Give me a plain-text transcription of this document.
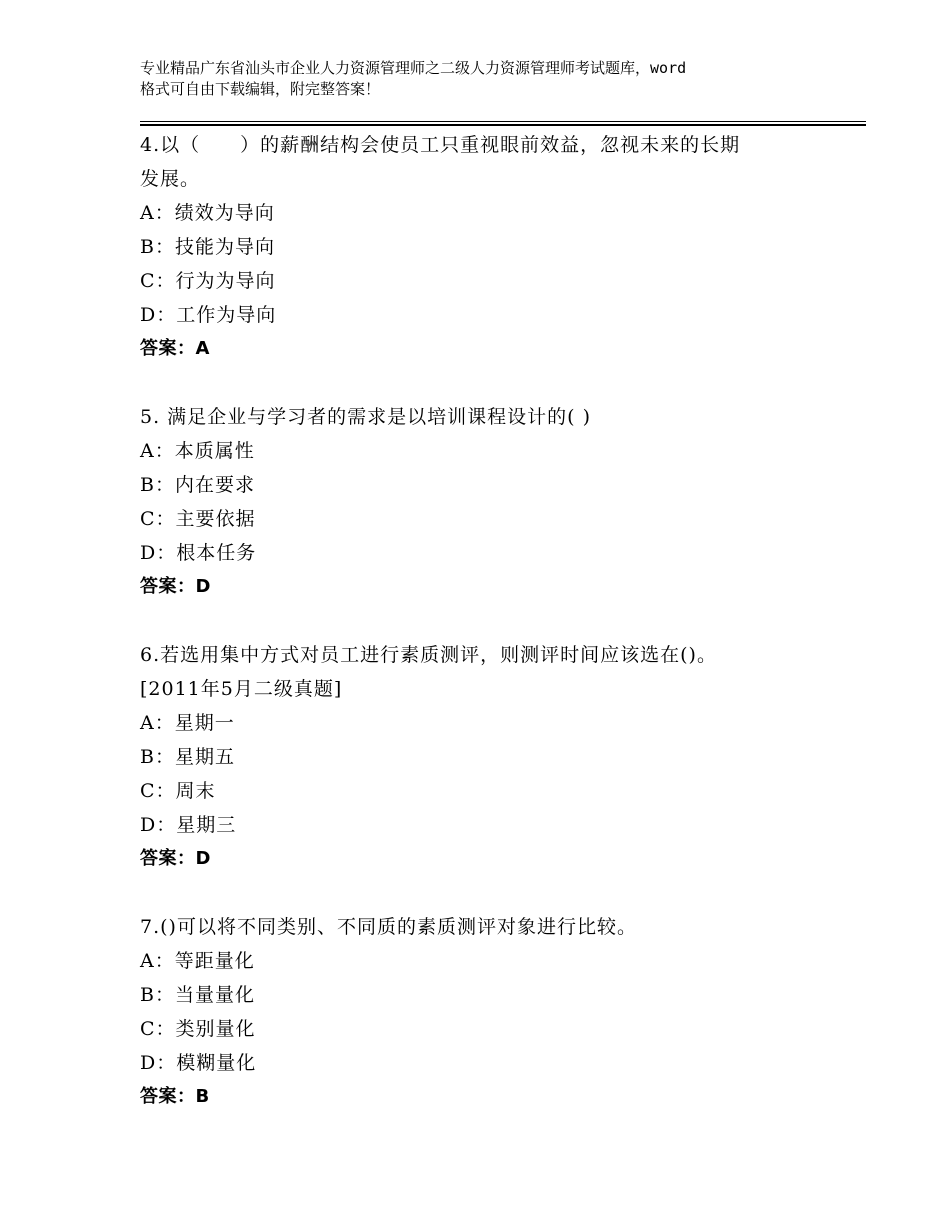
专业精品广东省汕头市企业人力资源管理师之二级人力资源管理师考试题库，word
格式可自由下载编辑，附完整答案！
4.以（　　）的薪酬结构会使员工只重视眼前效益，忽视未来的长期
发展。
A：绩效为导向
B：技能为导向
C：行为为导向
D：工作为导向
答案：A
5. 满足企业与学习者的需求是以培训课程设计的( )
A：本质属性
B：内在要求
C：主要依据
D：根本任务
答案：D
6.若选用集中方式对员工进行素质测评，则测评时间应该选在()。
[2011年5月二级真题]
A：星期一
B：星期五
C：周末
D：星期三
答案：D
7.()可以将不同类别、不同质的素质测评对象进行比较。
A：等距量化
B：当量量化
C：类别量化
D：模糊量化
答案：B
